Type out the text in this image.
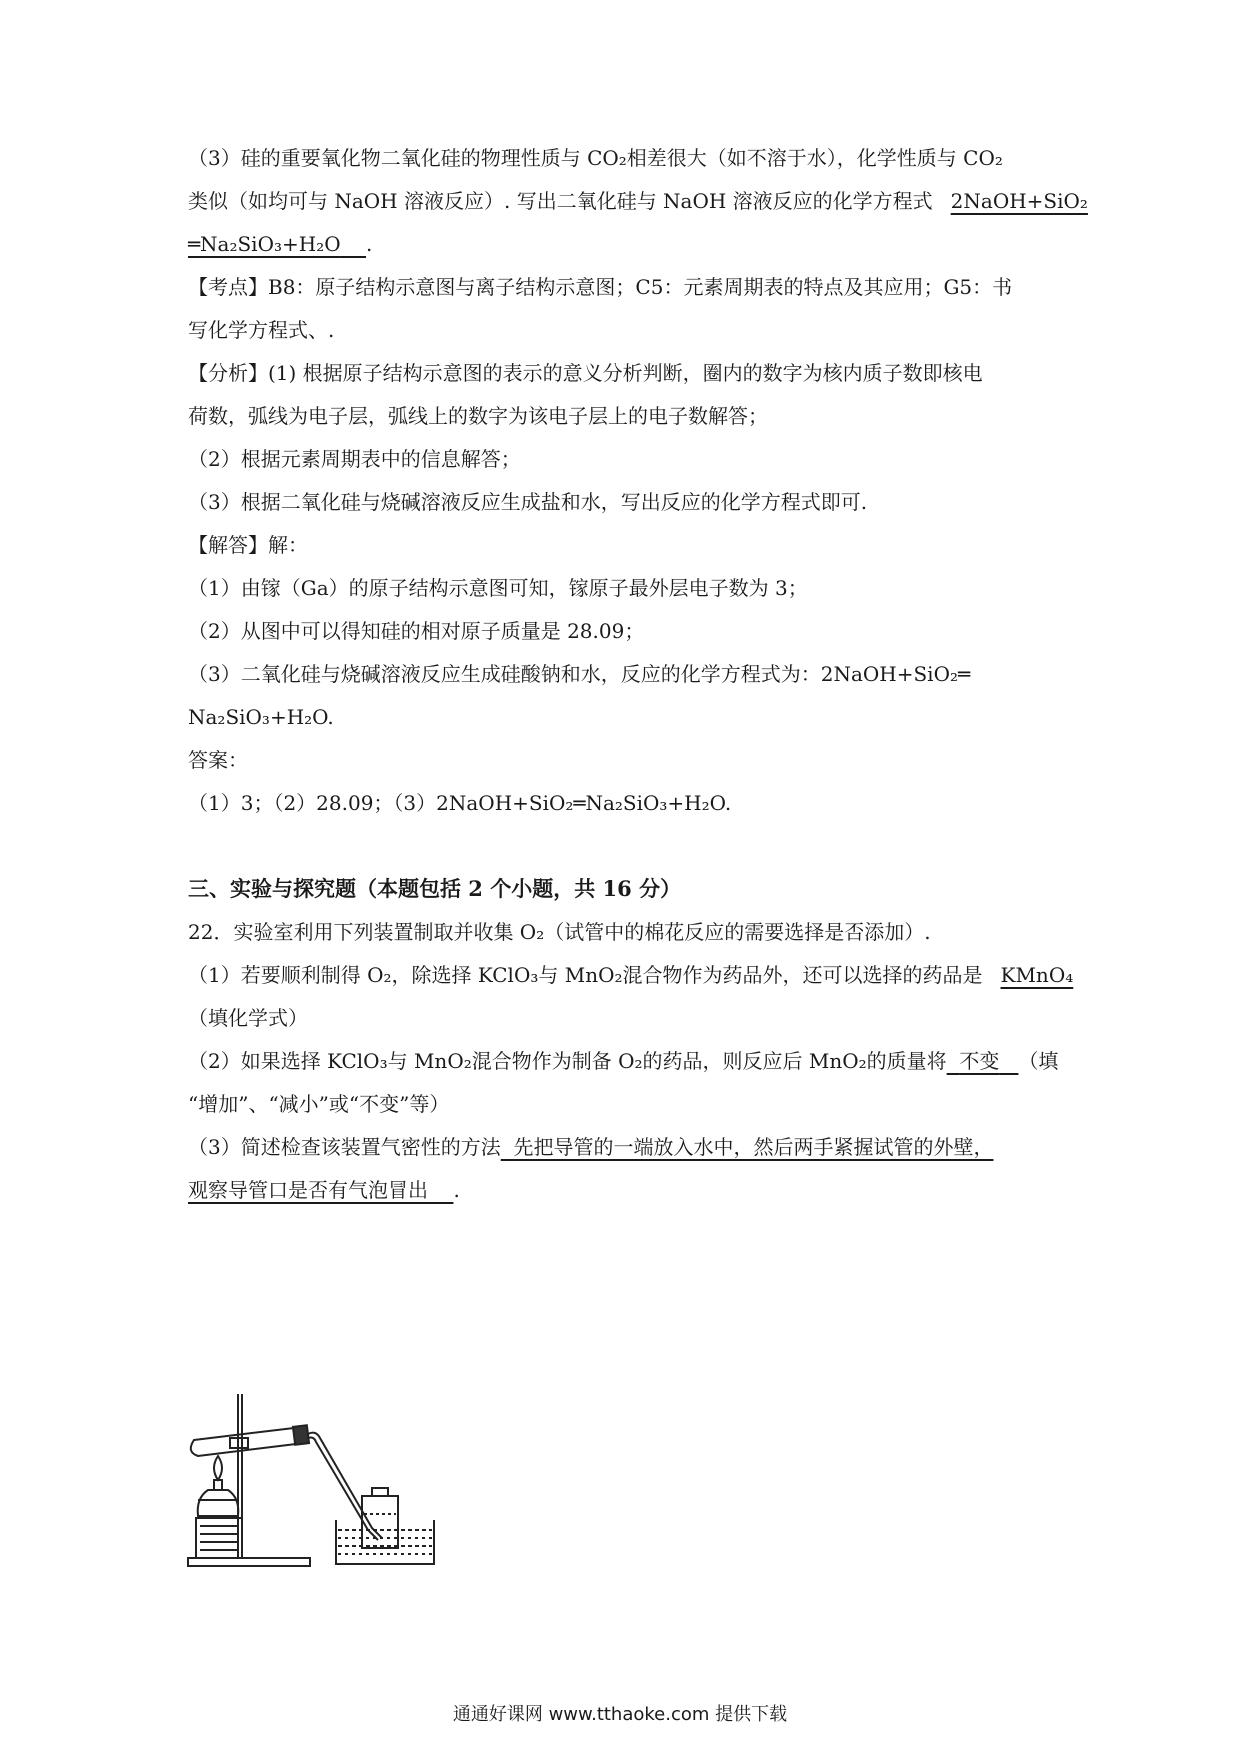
（3）硅的重要氧化物二氧化硅的物理性质与 CO₂相差很大（如不溶于水），化学性质与 CO₂
类似（如均可与 NaOH 溶液反应）. 写出二氧化硅与 NaOH 溶液反应的化学方程式 2NaOH+SiO₂
═Na₂SiO₃+H₂O .
【考点】B8：原子结构示意图与离子结构示意图；C5：元素周期表的特点及其应用；G5：书
写化学方程式、.
【分析】(1) 根据原子结构示意图的表示的意义分析判断，圈内的数字为核内质子数即核电
荷数，弧线为电子层，弧线上的数字为该电子层上的电子数解答；
（2）根据元素周期表中的信息解答；
（3）根据二氧化硅与烧碱溶液反应生成盐和水，写出反应的化学方程式即可.
【解答】解：
（1）由镓（Ga）的原子结构示意图可知，镓原子最外层电子数为 3；
（2）从图中可以得知硅的相对原子质量是 28.09；
（3）二氧化硅与烧碱溶液反应生成硅酸钠和水，反应的化学方程式为：2NaOH+SiO₂═
Na₂SiO₃+H₂O.
答案：
（1）3；（2）28.09；（3）2NaOH+SiO₂═Na₂SiO₃+H₂O.
三、实验与探究题（本题包括 2 个小题，共 16 分）
22．实验室利用下列装置制取并收集 O₂（试管中的棉花反应的需要选择是否添加）.
（1）若要顺利制得 O₂，除选择 KClO₃与 MnO₂混合物作为药品外，还可以选择的药品是 KMnO₄
（填化学式）
（2）如果选择 KClO₃与 MnO₂混合物作为制备 O₂的药品，则反应后 MnO₂的质量将 不变 （填
“增加”、“减小”或“不变”等）
（3）简述检查该装置气密性的方法 先把导管的一端放入水中，然后两手紧握试管的外壁，
观察导管口是否有气泡冒出 .
通通好课网 www.tthaoke.com 提供下载
